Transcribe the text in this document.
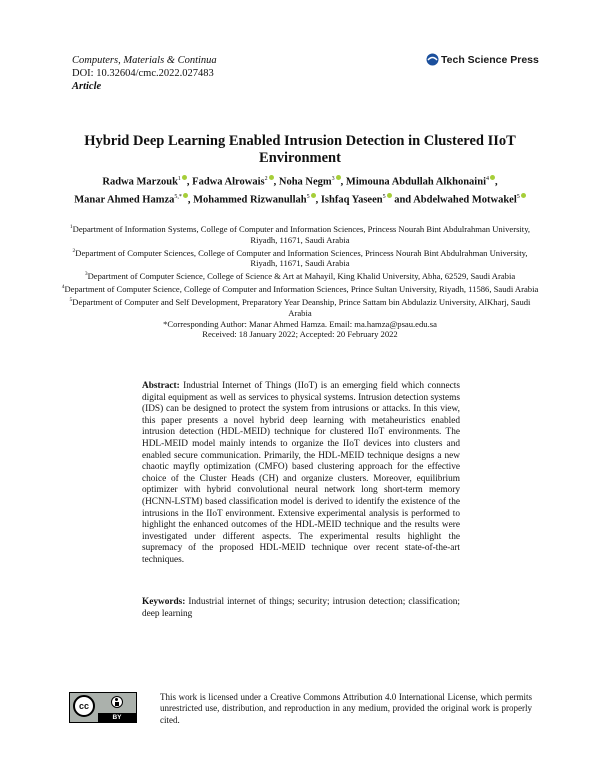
Computers, Materials & Continua
DOI: 10.32604/cmc.2022.027483
Article
Tech Science Press
Hybrid Deep Learning Enabled Intrusion Detection in Clustered IIoT
Environment
Radwa Marzouk$^1$ , Fadwa Alrowais$^2$ , Noha Negm$^3$ , Mimouna Abdullah Alkhonaini$^4$ ,
Manar Ahmed Hamza$^{5,*}$ , Mohammed Rizwanullah$^5$ , Ishfaq Yaseen$^5$ and Abdelwahed Motwakel$^5$
$^1$Department of Information Systems, College of Computer and Information Sciences, Princess Nourah Bint Abdulrahman University, Riyadh, 11671, Saudi Arabia
$^2$Department of Computer Sciences, College of Computer and Information Sciences, Princess Nourah Bint Abdulrahman University, Riyadh, 11671, Saudi Arabia
$^3$Department of Computer Science, College of Science & Art at Mahayil, King Khalid University, Abha, 62529, Saudi Arabia
$^4$Department of Computer Science, College of Computer and Information Sciences, Prince Sultan University, Riyadh, 11586, Saudi Arabia
$^5$Department of Computer and Self Development, Preparatory Year Deanship, Prince Sattam bin Abdulaziz University, AlKharj, Saudi Arabia
*Corresponding Author: Manar Ahmed Hamza. Email: ma.hamza@psau.edu.sa
Received: 18 January 2022; Accepted: 20 February 2022
Abstract: Industrial Internet of Things (IIoT) is an emerging field which connects digital equipment as well as services to physical systems. Intrusion detection systems (IDS) can be designed to protect the system from intrusions or attacks. In this view, this paper presents a novel hybrid deep learning with metaheuristics enabled intrusion detection (HDL-MEID) technique for clustered IIoT environments. The HDL-MEID model mainly intends to organize the IIoT devices into clusters and enabled secure communication. Primarily, the HDL-MEID technique designs a new chaotic mayfly optimization (CMFO) based clustering approach for the effective choice of the Cluster Heads (CH) and organize clusters. Moreover, equilibrium optimizer with hybrid convolutional neural network long short-term memory (HCNN-LSTM) based classification model is derived to identify the existence of the intrusions in the IIoT environment. Extensive experimental analysis is performed to highlight the enhanced outcomes of the HDL-MEID technique and the results were investigated under different aspects. The experimental results highlight the supremacy of the proposed HDL-MEID technique over recent state-of-the-art techniques.
Keywords: Industrial internet of things; security; intrusion detection; classification; deep learning
cc
BY
This work is licensed under a Creative Commons Attribution 4.0 International License, which permits unrestricted use, distribution, and reproduction in any medium, provided the original work is properly cited.
